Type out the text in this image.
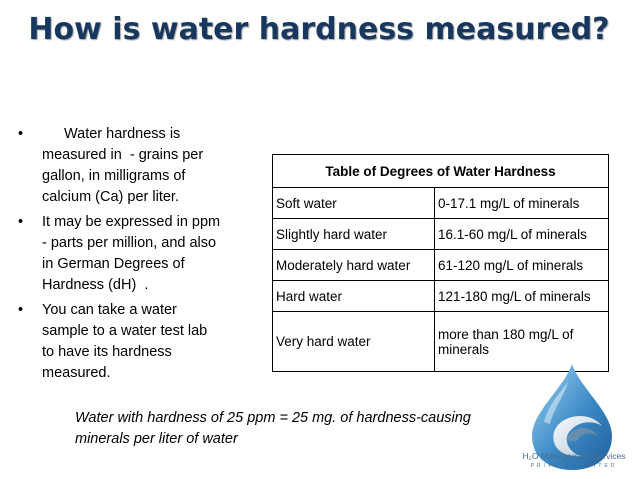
How is water hardness measured?
•	Water hardness is
measured in  - grains per
gallon, in milligrams of
calcium (Ca) per liter.
• It may be expressed in ppm
- parts per million, and also
in German Degrees of
Hardness (dH)  .
• You can take a water
sample to a water test lab
to have its hardness
measured.
Table of Degrees of Water Hardness	
Soft water	0-17.1 mg/L of minerals
Slightly hard water	16.1-60 mg/L of minerals
Moderately hard water	61-120 mg/L of minerals
Hard water	121-180 mg/L of minerals
Very hard water	more than 180 mg/L of minerals
Water with hardness of 25 ppm = 25 mg. of hardness-causing
minerals per liter of water
H₂O Management Services
PRIVATE LIMITED
